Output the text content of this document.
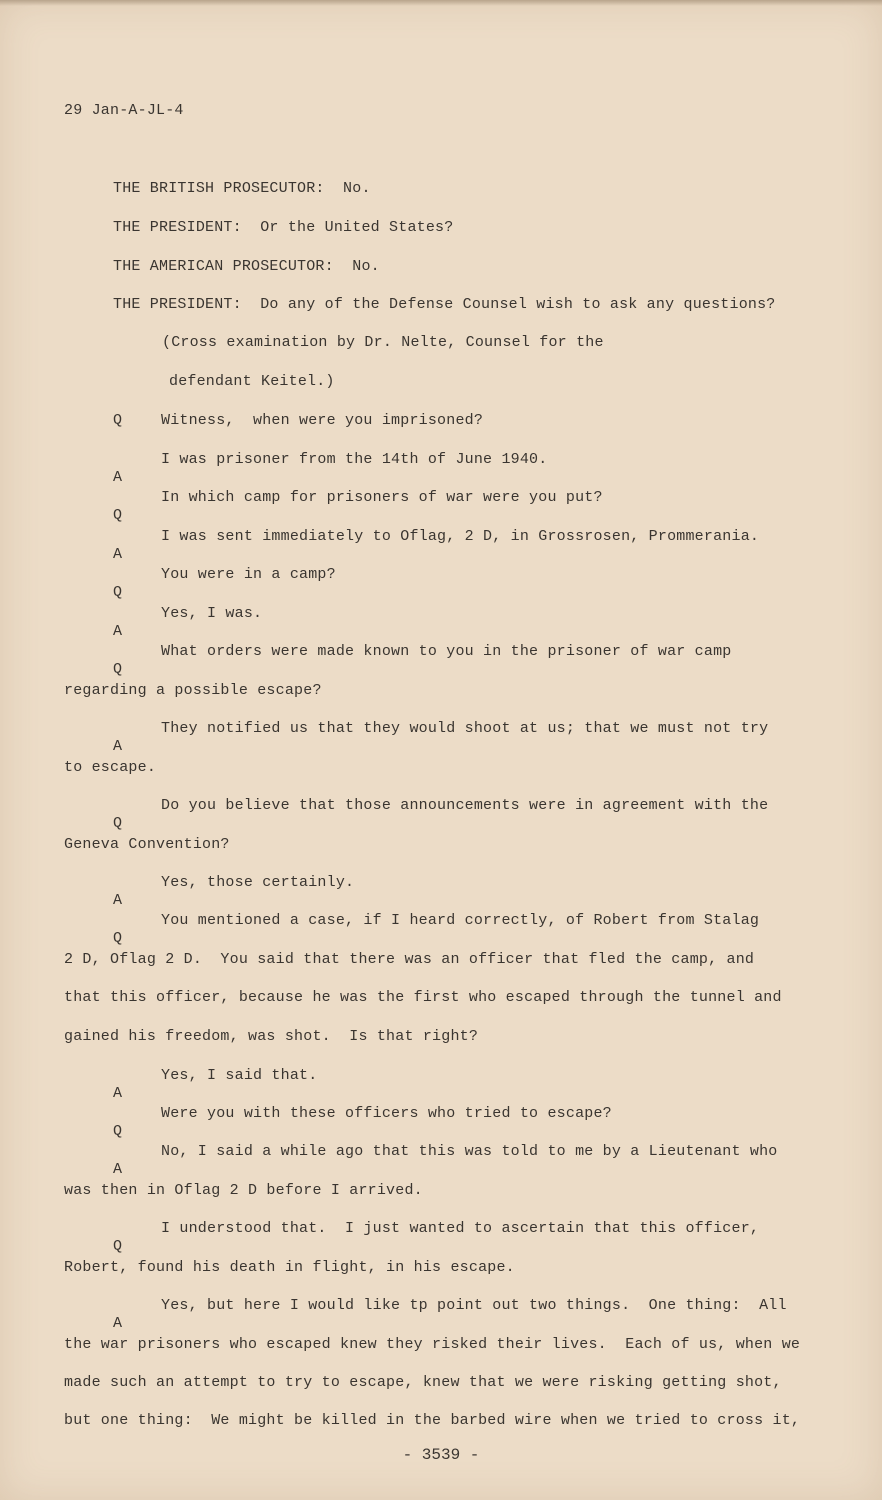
29 Jan-A-JL-4
THE BRITISH PROSECUTOR:  No.
THE PRESIDENT:  Or the United States?
THE AMERICAN PROSECUTOR:  No.
THE PRESIDENT:  Do any of the Defense Counsel wish to ask any questions?
(Cross examination by Dr. Nelte, Counsel for the
defendant Keitel.)

Q

	Witness,  when were you imprisoned?

A

I was prisoner from the 14th of June 1940.

Q

In which camp for prisoners of war were you put?

A

I was sent immediately to Oflag, 2 D, in Grossrosen, Prommerania.

Q

You were in a camp?

A

Yes, I was.

Q

What orders were made known to you in the prisoner of war camp
regarding a possible escape?

A

They notified us that they would shoot at us; that we must not try
to escape.

Q

Do you believe that those announcements were in agreement with the
Geneva Convention?

A

Yes, those certainly.

Q

You mentioned a case, if I heard correctly, of Robert from Stalag
2 D, Oflag 2 D.  You said that there was an officer that fled the camp, and
that this officer, because he was the first who escaped through the tunnel and
gained his freedom, was shot.  Is that right?

A

Yes, I said that.

Q

Were you with these officers who tried to escape?

A

No, I said a while ago that this was told to me by a Lieutenant who
was then in Oflag 2 D before I arrived.

Q

I understood that.  I just wanted to ascertain that this officer,
Robert, found his death in flight, in his escape.

A

Yes, but here I would like tp point out two things.  One thing:  All
the war prisoners who escaped knew they risked their lives.  Each of us, when we
made such an attempt to try to escape, knew that we were risking getting shot,
but one thing:  We might be killed in the barbed wire when we tried to cross it,
- 3539 -
